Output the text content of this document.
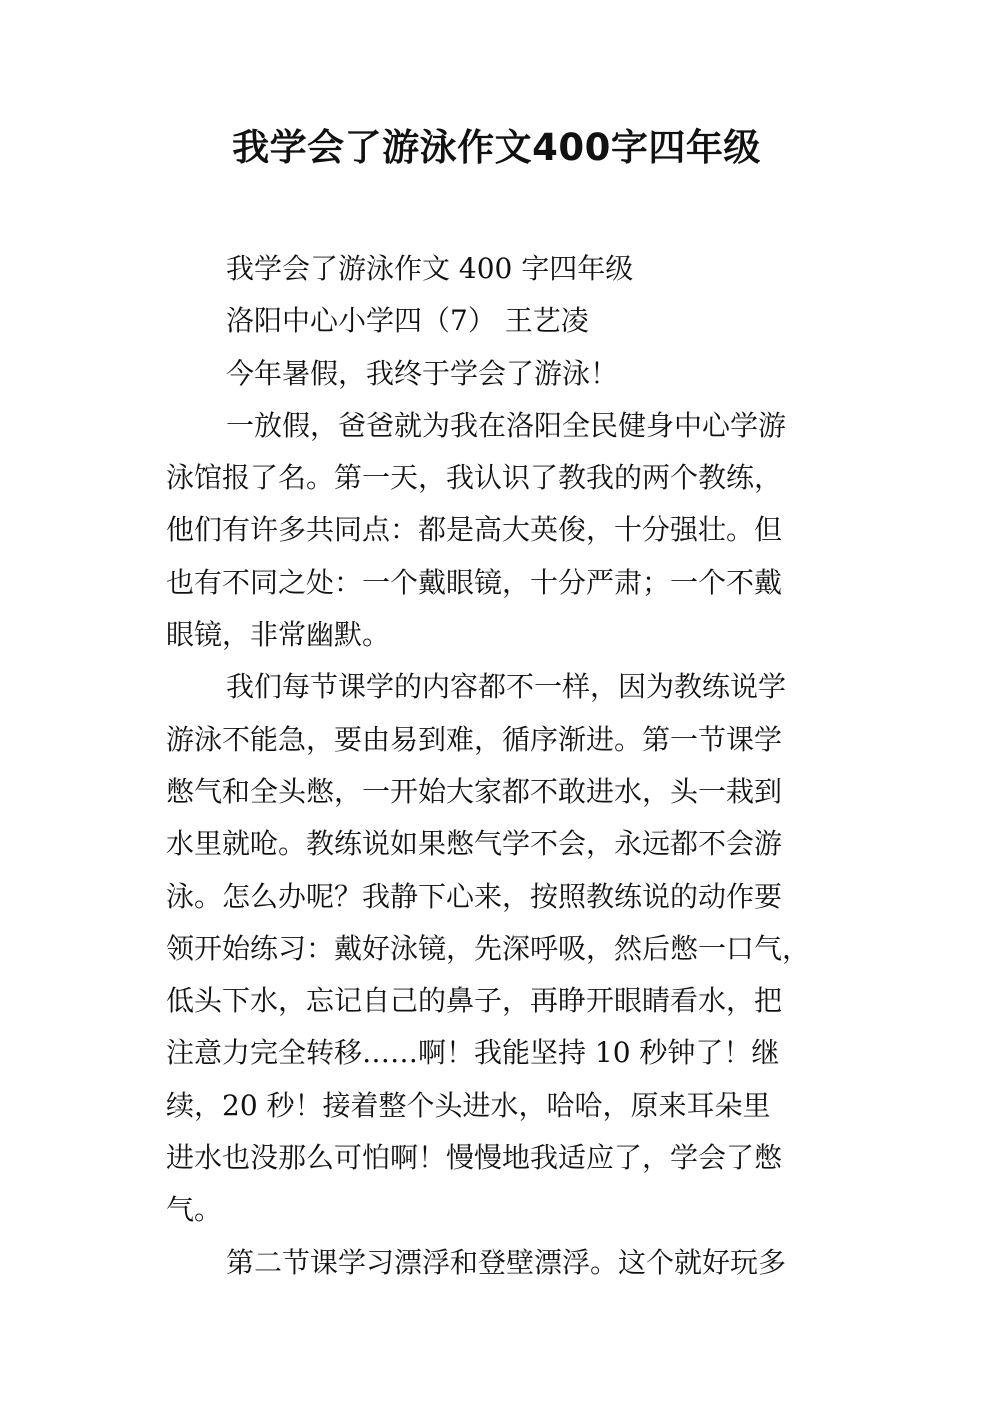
我学会了游泳作文400字四年级
我学会了游泳作文 400 字四年级
洛阳中心小学四（7） 王艺凌
今年暑假，我终于学会了游泳！
一放假，爸爸就为我在洛阳全民健身中心学游
泳馆报了名。第一天，我认识了教我的两个教练，
他们有许多共同点：都是高大英俊，十分强壮。但
也有不同之处：一个戴眼镜，十分严肃；一个不戴
眼镜，非常幽默。
我们每节课学的内容都不一样，因为教练说学
游泳不能急，要由易到难，循序渐进。第一节课学
憋气和全头憋，一开始大家都不敢进水，头一栽到
水里就呛。教练说如果憋气学不会，永远都不会游
泳。怎么办呢？我静下心来，按照教练说的动作要
领开始练习：戴好泳镜，先深呼吸，然后憋一口气，
低头下水，忘记自己的鼻子，再睁开眼睛看水，把
注意力完全转移……啊！我能坚持 10 秒钟了！继
续，20 秒！接着整个头进水，哈哈，原来耳朵里
进水也没那么可怕啊！慢慢地我适应了，学会了憋
气。
第二节课学习漂浮和登壁漂浮。这个就好玩多
